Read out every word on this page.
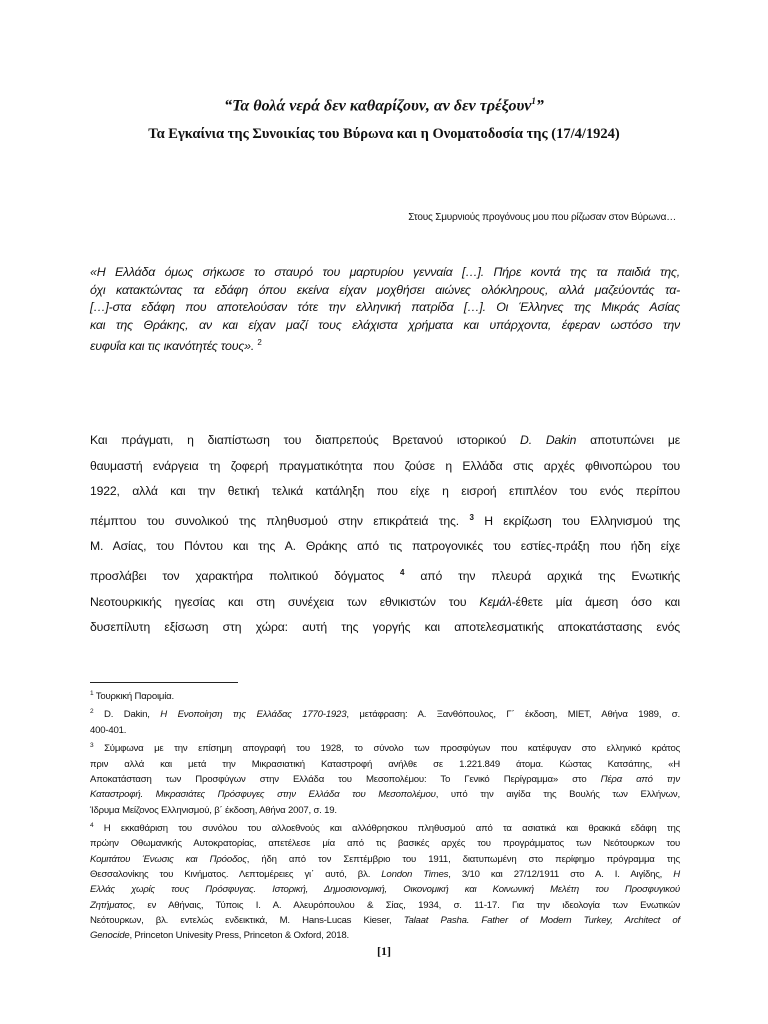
“Τα θολά νερά δεν καθαρίζουν, αν δεν τρέξουν$^1$”
Τα Εγκαίνια της Συνοικίας του Βύρωνα και η Ονοματοδοσία της (17/4/1924)
Στους Σμυρνιούς προγόνους μου που ρίζωσαν στον Βύρωνα…
«Η Ελλάδα όμως σήκωσε το σταυρό του μαρτυρίου γενναία […]. Πήρε κοντά της τα παιδιά της,
όχι κατακτώντας τα εδάφη όπου εκείνα είχαν μοχθήσει αιώνες ολόκληρους, αλλά μαζεύοντάς τα-
[…]-στα εδάφη που αποτελούσαν τότε την ελληνική πατρίδα […]. Οι Έλληνες της Μικράς Ασίας
και της Θράκης, αν και είχαν μαζί τους ελάχιστα χρήματα και υπάρχοντα, έφεραν ωστόσο την
ευφυΐα και τις ικανότητές τους». $^2$
Και πράγματι, η διαπίστωση του διαπρεπούς Βρετανού ιστορικού D. Dakin αποτυπώνει με
θαυμαστή ενάργεια τη ζοφερή πραγματικότητα που ζούσε η Ελλάδα στις αρχές φθινοπώρου του
1922, αλλά και την θετική τελικά κατάληξη που είχε η εισροή επιπλέον του ενός περίπου
πέμπτου του συνολικού της πληθυσμού στην επικράτειά της. $^3$ Η εκρίζωση του Ελληνισμού της
Μ. Ασίας, του Πόντου και της Α. Θράκης από τις πατρογονικές του εστίες-πράξη που ήδη είχε
προσλάβει τον χαρακτήρα πολιτικού δόγματος $^4$ από την πλευρά αρχικά της Ενωτικής
Νεοτουρκικής ηγεσίας και στη συνέχεια των εθνικιστών του Κεμάλ-έθετε μία άμεση όσο και
δυσεπίλυτη εξίσωση στη χώρα: αυτή της γοργής και αποτελεσματικής αποκατάστασης ενός
$^1$ Τουρκική Παροιμία.
$^2$ D. Dakin, Η Ενοποίηση της Ελλάδας 1770-1923, μετάφραση: Α. Ξανθόπουλος, Γ΄ έκδοση, ΜΙΕΤ, Αθήνα 1989, σ.
400-401.
$^3$ Σύμφωνα με την επίσημη απογραφή του 1928, το σύνολο των προσφύγων που κατέφυγαν στο ελληνικό κράτος
πριν αλλά και μετά την Μικρασιατική Καταστροφή ανήλθε σε 1.221.849 άτομα. Κώστας Κατσάπης, «Η
Αποκατάσταση των Προσφύγων στην Ελλάδα του Μεσοπολέμου: Το Γενικό Περίγραμμα» στο Πέρα από την
Καταστροφή. Μικρασιάτες Πρόσφυγες στην Ελλάδα του Μεσοπολέμου, υπό την αιγίδα της Βουλής των Ελλήνων,
Ίδρυμα Μείζονος Ελληνισμού, β΄ έκδοση, Αθήνα 2007, σ. 19.
$^4$ Η εκκαθάριση του συνόλου του αλλοεθνούς και αλλόθρησκου πληθυσμού από τα ασιατικά και θρακικά εδάφη της
πρώην Οθωμανικής Αυτοκρατορίας, απετέλεσε μία από τις βασικές αρχές του προγράμματος των Νεότουρκων του
Κομιτάτου Ένωσις και Πρόοδος, ήδη από τον Σεπτέμβριο του 1911, διατυπωμένη στο περίφημο πρόγραμμα της
Θεσσαλονίκης του Κινήματος. Λεπτομέρειες γι΄ αυτό, βλ. London Times, 3/10 και 27/12/1911 στο Α. Ι. Αιγίδης, Η
Ελλάς χωρίς τους Πρόσφυγας. Ιστορική, Δημοσιονομική, Οικονομική και Κοινωνική Μελέτη του Προσφυγικού
Ζητήματος, εν Αθήναις, Τύποις Ι. Α. Αλευρόπουλου & Σίας, 1934, σ. 11-17. Για την ιδεολογία των Ενωτικών
Νεότουρκων, βλ. εντελώς ενδεικτικά, M. Hans-Lucas Kieser, Talaat Pasha. Father of Modern Turkey, Architect of
Genocide, Princeton Univesity Press, Princeton & Oxford, 2018.
[1]
